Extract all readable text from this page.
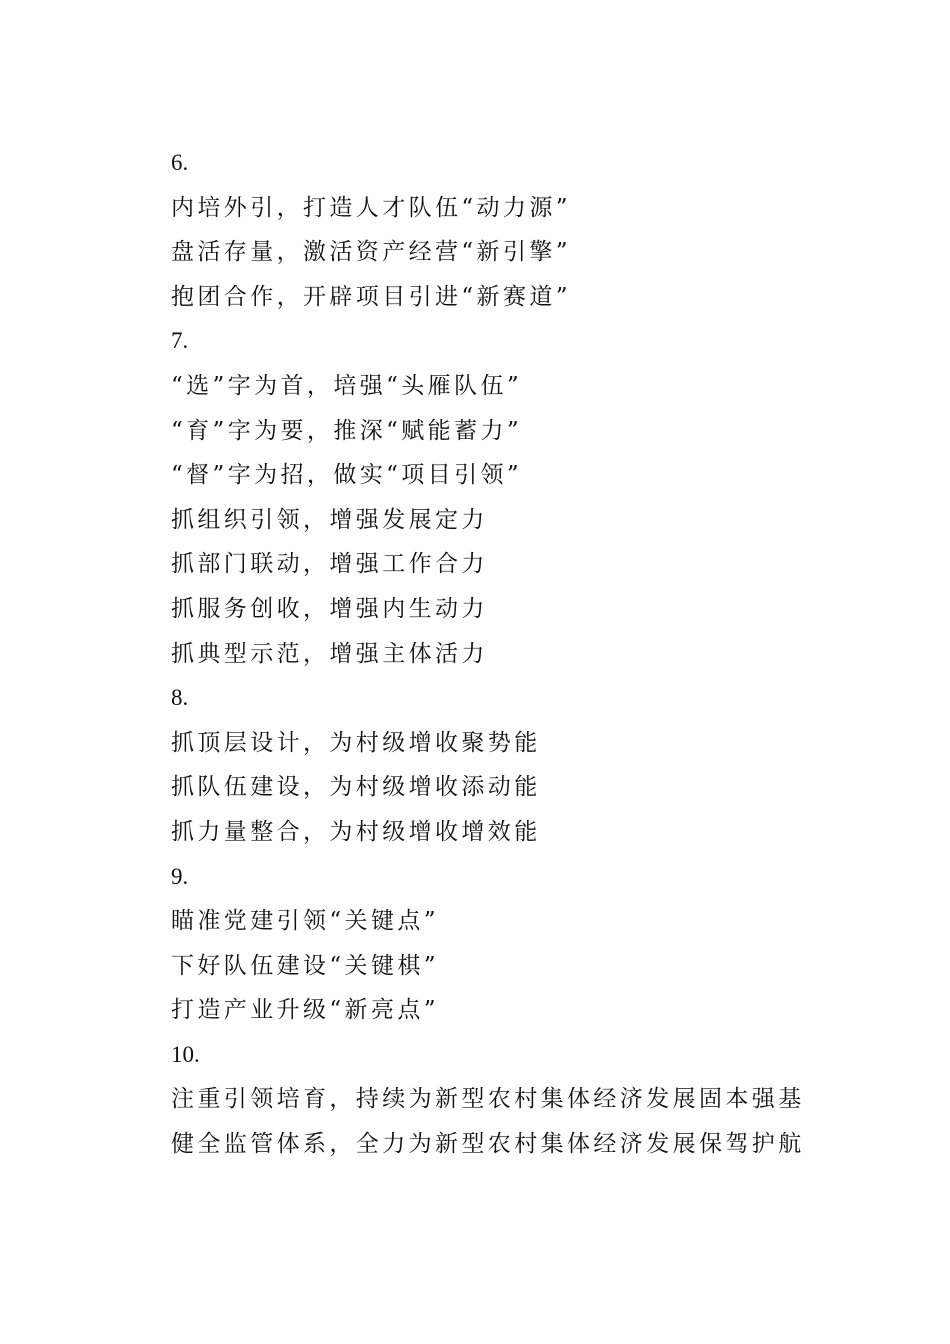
6.
内培外引，打造人才队伍“动力源”
盘活存量，激活资产经营“新引擎”
抱团合作，开辟项目引进“新赛道”
7.
“选”字为首，培强“头雁队伍”
“育”字为要，推深“赋能蓄力”
“督”字为招，做实“项目引领”
抓组织引领，增强发展定力
抓部门联动，增强工作合力
抓服务创收，增强内生动力
抓典型示范，增强主体活力
8.
抓顶层设计，为村级增收聚势能
抓队伍建设，为村级增收添动能
抓力量整合，为村级增收增效能
9.
瞄准党建引领“关键点”
下好队伍建设“关键棋”
打造产业升级“新亮点”
10.
注重引领培育，持续为新型农村集体经济发展固本强基
健全监管体系，全力为新型农村集体经济发展保驾护航
